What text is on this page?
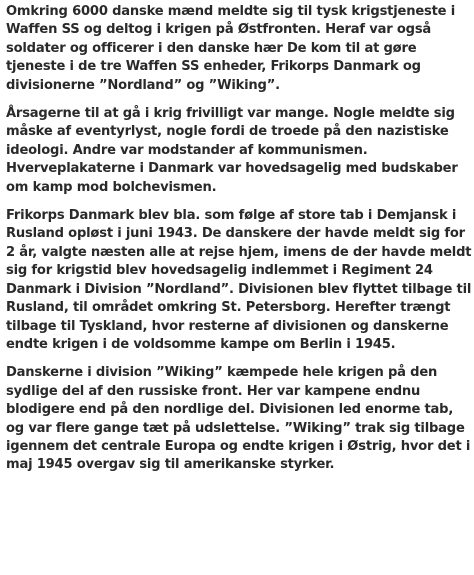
Omkring 6000 danske mænd meldte sig til tysk krigstjeneste i Waffen SS og deltog i krigen på Østfronten. Heraf var også soldater og officerer i den danske hær De kom til at gøre tjeneste i de tre Waffen SS enheder, Frikorps Danmark og divisionerne ”Nordland” og ”Wiking”.

Årsagerne til at gå i krig frivilligt var mange. Nogle meldte sig måske af eventyrlyst, nogle fordi de troede på den nazistiske ideologi. Andre var modstander af kommunismen. Hverveplakaterne i Danmark var hovedsagelig med budskaber om kamp mod bolchevismen.

Frikorps Danmark blev bla. som følge af store tab i Demjansk i Rusland opløst i juni 1943. De danskere der havde meldt sig for 2 år, valgte næsten alle at rejse hjem, imens de der havde meldt sig for krigstid blev hovedsagelig indlemmet i Regiment 24 Danmark i Division ”Nordland”. Divisionen blev flyttet tilbage til Rusland, til området omkring St. Petersborg. Herefter trængt tilbage til Tyskland, hvor resterne af divisionen og danskerne endte krigen i de voldsomme kampe om Berlin i 1945.

Danskerne i division ”Wiking” kæmpede hele krigen på den sydlige del af den russiske front. Her var kampene endnu blodigere end på den nordlige del. Divisionen led enorme tab, og var flere gange tæt på udslettelse. ”Wiking” trak sig tilbage igennem det centrale Europa og endte krigen i Østrig, hvor det i maj 1945 overgav sig til amerikanske styrker.
